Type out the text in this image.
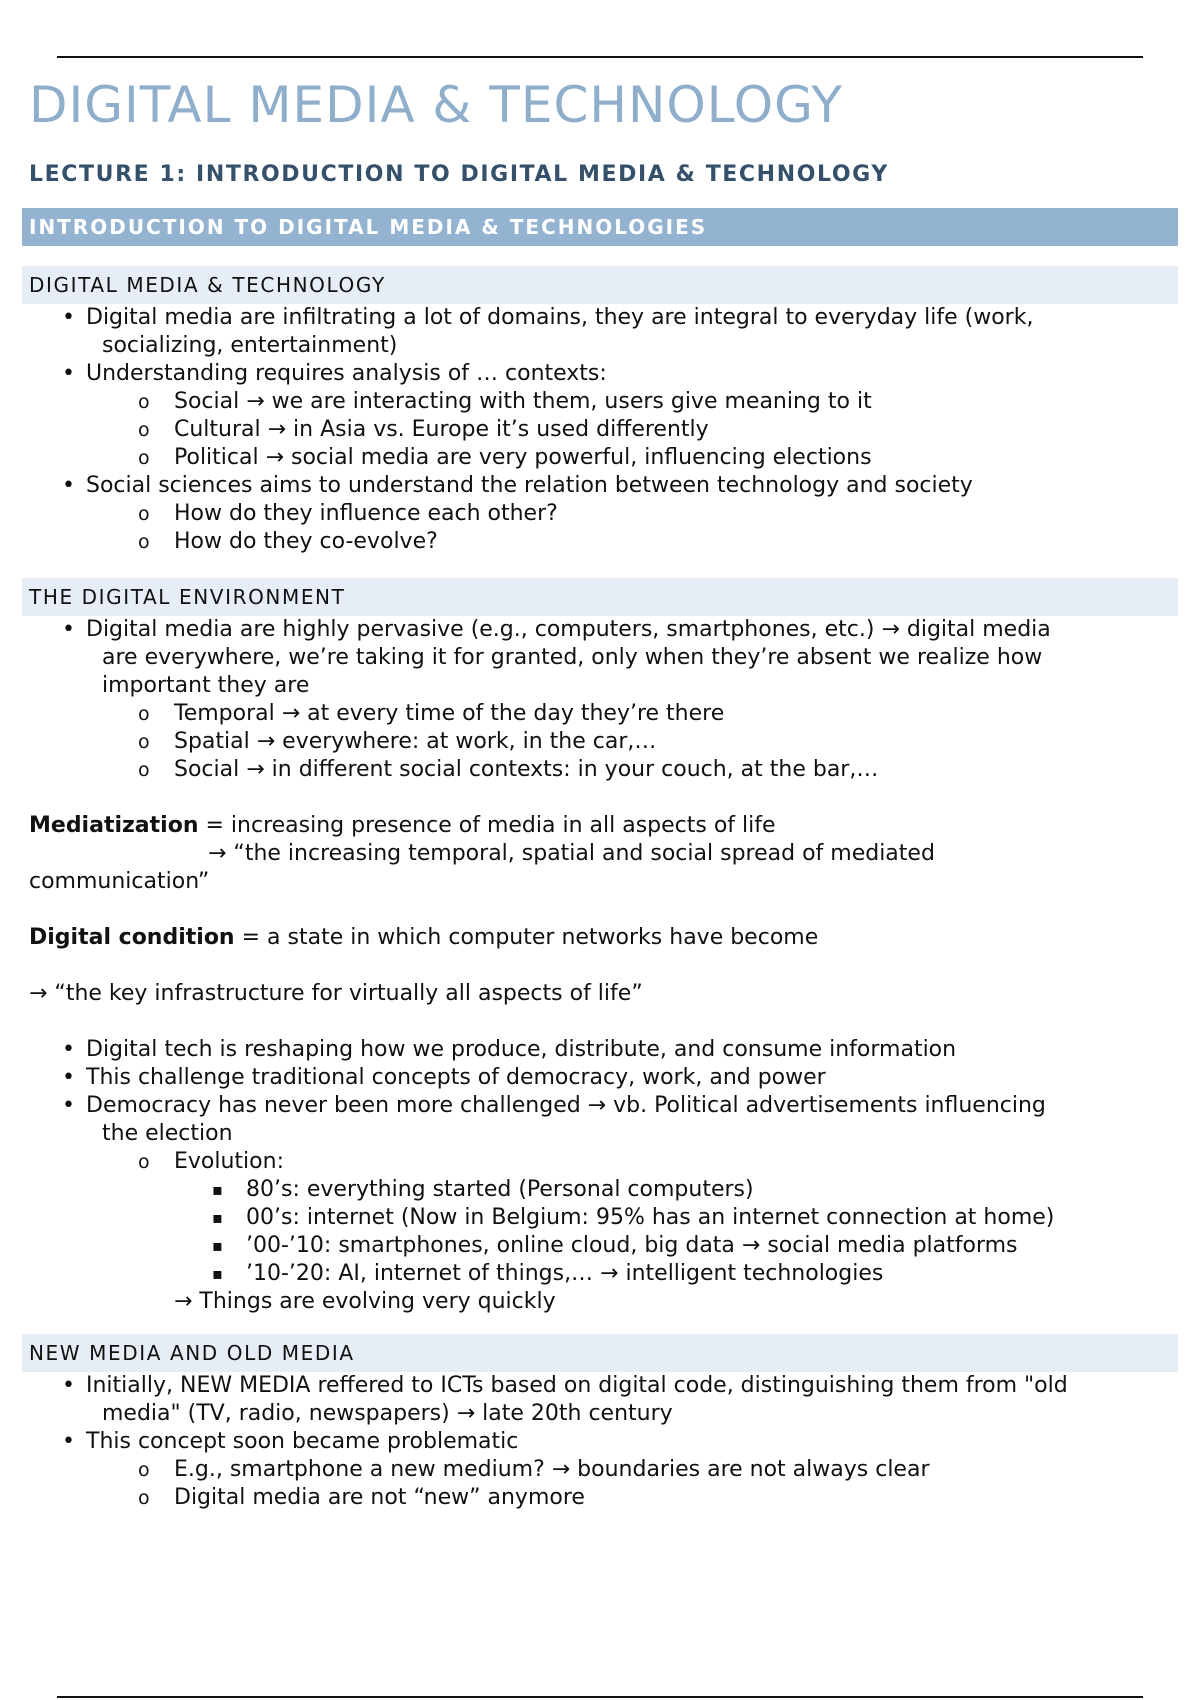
DIGITAL MEDIA & TECHNOLOGY
LECTURE 1: INTRODUCTION TO DIGITAL MEDIA & TECHNOLOGY
INTRODUCTION TO DIGITAL MEDIA & TECHNOLOGIES
DIGITAL MEDIA & TECHNOLOGY
• Digital media are infiltrating a lot of domains, they are integral to everyday life (work,
socializing, entertainment)
• Understanding requires analysis of … contexts:
o Social → we are interacting with them, users give meaning to it
o Cultural → in Asia vs. Europe it’s used differently
o Political → social media are very powerful, influencing elections
• Social sciences aims to understand the relation between technology and society
o How do they influence each other?
o How do they co-evolve?
THE DIGITAL ENVIRONMENT
• Digital media are highly pervasive (e.g., computers, smartphones, etc.) → digital media
are everywhere, we’re taking it for granted, only when they’re absent we realize how
important they are
o Temporal → at every time of the day they’re there
o Spatial → everywhere: at work, in the car,…
o Social → in different social contexts: in your couch, at the bar,…
Mediatization = increasing presence of media in all aspects of life
→ “the increasing temporal, spatial and social spread of mediated
communication”
Digital condition = a state in which computer networks have become
→ “the key infrastructure for virtually all aspects of life”
• Digital tech is reshaping how we produce, distribute, and consume information
• This challenge traditional concepts of democracy, work, and power
• Democracy has never been more challenged → vb. Political advertisements influencing
the election
o Evolution:
▪ 80’s: everything started (Personal computers)
▪ 00’s: internet (Now in Belgium: 95% has an internet connection at home)
▪ ’00-’10: smartphones, online cloud, big data → social media platforms
▪ ’10-’20: AI, internet of things,… → intelligent technologies
→ Things are evolving very quickly
NEW MEDIA AND OLD MEDIA
• Initially, NEW MEDIA reffered to ICTs based on digital code, distinguishing them from "old
media" (TV, radio, newspapers) → late 20th century
• This concept soon became problematic
o E.g., smartphone a new medium? → boundaries are not always clear
o Digital media are not “new” anymore
